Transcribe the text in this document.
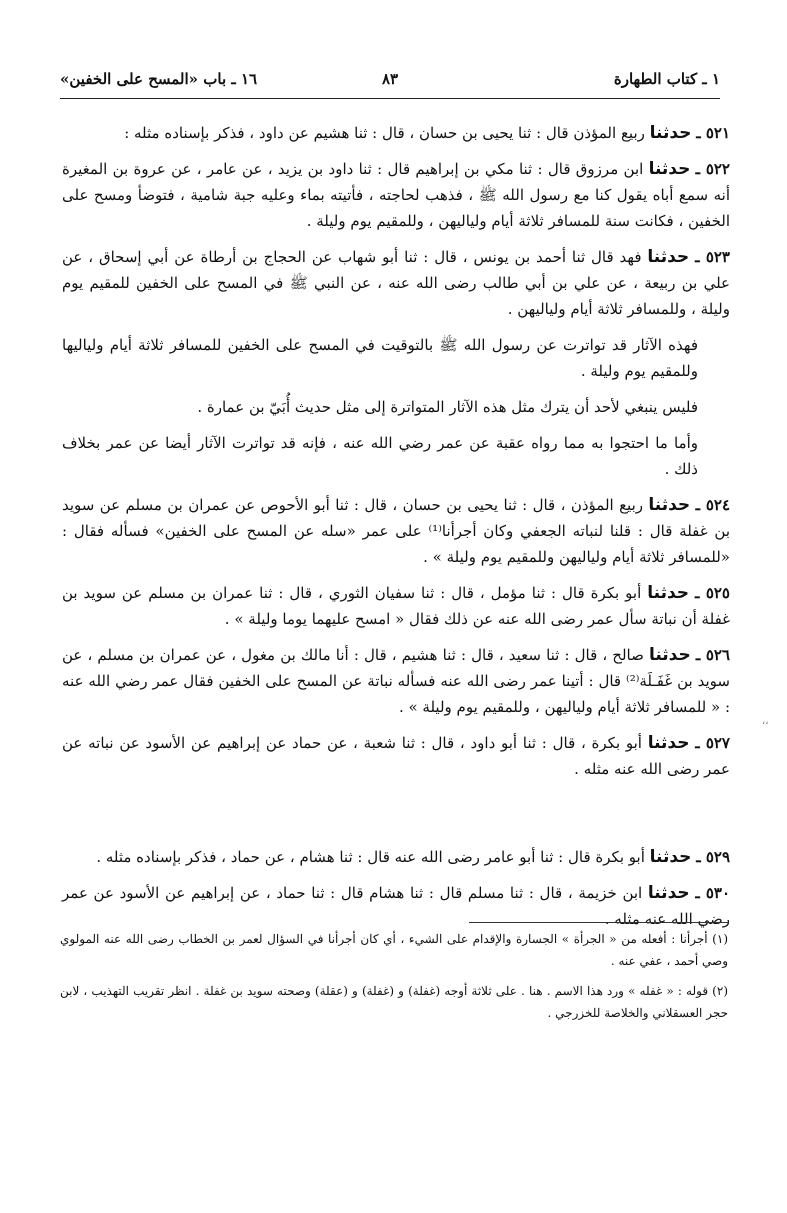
١ ـ كتاب الطهارة
٨٣
١٦ ـ باب «المسح على الخفين»

٥٢١ ـ حدثنا ربيع المؤذن قال : ثنا يحيى بن حسان ، قال : ثنا هشيم عن داود ، فذكر بإسناده مثله :

٥٢٢ ـ حدثنا ابن مرزوق قال : ثنا مكي بن إبراهيم قال : ثنا داود بن يزيد ، عن عامر ، عن عروة بن المغيرة أنه سمع أباه يقول كنا مع رسول الله ﷺ ، فذهب لحاجته ، فأتيته بماء وعليه جبة شامية ، فتوضأ ومسح على الخفين ، فكانت سنة للمسافر ثلاثة أيام ولياليهن ، وللمقيم يوم وليلة .

٥٢٣ ـ حدثنا فهد قال ثنا أحمد بن يونس ، قال : ثنا أبو شهاب عن الحجاج بن أرطاة عن أبي إسحاق ، عن علي بن ربيعة ، عن علي بن أبي طالب رضى الله عنه ، عن النبي ﷺ في المسح على الخفين للمقيم يوم وليلة ، وللمسافر ثلاثة أيام ولياليهن .

فهذه الآثار قد تواترت عن رسول الله ﷺ بالتوقيت في المسح على الخفين للمسافر ثلاثة أيام ولياليها وللمقيم يوم وليلة .

فليس ينبغي لأحد أن يترك مثل هذه الآثار المتواترة إلى مثل حديث أُبَيّ بن عمارة .

وأما ما احتجوا به مما رواه عقبة عن عمر رضي الله عنه ، فإنه قد تواترت الآثار أيضا عن عمر بخلاف ذلك .

٥٢٤ ـ حدثنا ربيع المؤذن ، قال : ثنا يحيى بن حسان ، قال : ثنا أبو الأحوص عن عمران بن مسلم عن سويد بن غفلة قال : قلنا لنباته الجعفي وكان أجرأنا⁽¹⁾ على عمر «سله عن المسح على الخفين» فسأله فقال : «للمسافر ثلاثة أيام ولياليهن وللمقيم يوم وليلة » .

٥٢٥ ـ حدثنا أبو بكرة قال : ثنا مؤمل ، قال : ثنا سفيان الثوري ، قال : ثنا عمران بن مسلم عن سويد بن غفلة أن نباتة سأل عمر رضى الله عنه عن ذلك فقال « امسح عليهما يوما وليلة » .

٥٢٦ ـ حدثنا صالح ، قال : ثنا سعيد ، قال : ثنا هشيم ، قال : أنا مالك بن مغول ، عن عمران بن مسلم ، عن سويد بن غَفَـلَة⁽²⁾ قال : أتينا عمر رضى الله عنه فسأله نباتة عن المسح على الخفين فقال عمر رضي الله عنه : « للمسافر ثلاثة أيام ولياليهن ، وللمقيم يوم وليلة » .

٥٢٧ ـ حدثنا أبو بكرة ، قال : ثنا أبو داود ، قال : ثنا شعبة ، عن حماد عن إبراهيم عن الأسود عن نباته عن عمر رضى الله عنه مثله .

٥٢٩ ـ حدثنا أبو بكرة قال : ثنا أبو عامر رضى الله عنه قال : ثنا هشام ، عن حماد ، فذكر بإسناده مثله .

٥٣٠ ـ حدثنا ابن خزيمة ، قال : ثنا مسلم قال : ثنا هشام قال : ثنا حماد ، عن إبراهيم عن الأسود عن عمر رضي الله عنه مثله .

(١) أجرأنا : أفعله من « الجرأة » الجسارة والإقدام على الشيء ، أي كان أجرأنا في السؤال لعمر بن الخطاب رضى الله عنه المولوي وصي أحمد ، عفي عنه .

(٢) قوله : « غفله » ورد هذا الاسم . هنا . على ثلاثة أوجه (غفلة) و (غفلة) و (عقلة) وصحته سويد بن غفلة . انظر تقريب التهذيب ، لابن حجر العسقلاني والخلاصة للخزرجي .

،،
